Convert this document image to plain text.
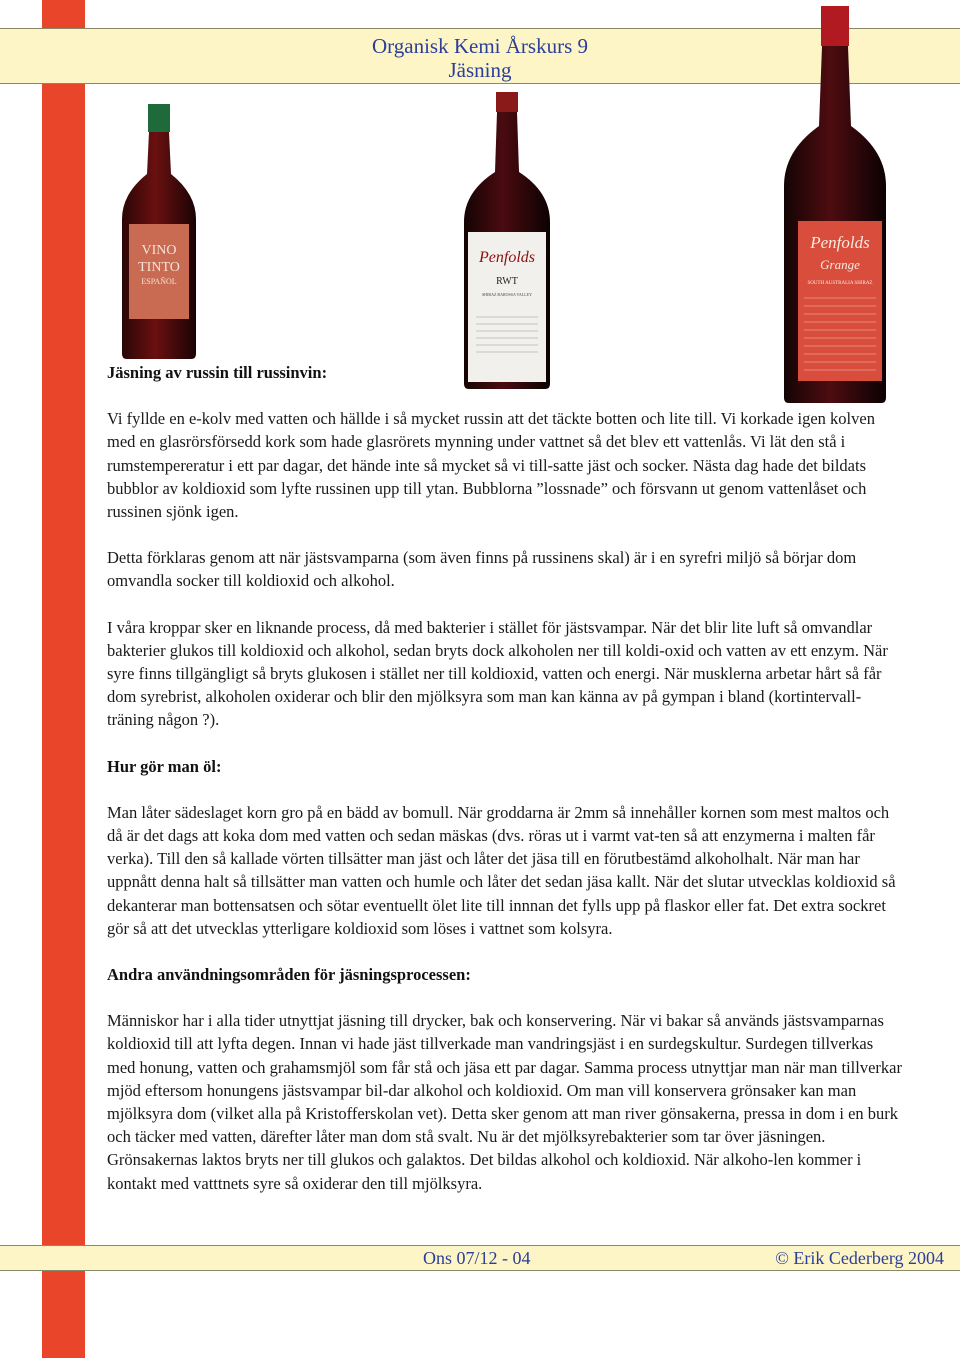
Organisk Kemi Årskurs 9
Jäsning
VINO
TINTO
ESPAÑOL
Penfolds
RWT
SHIRAZ BAROSSA VALLEY
Penfolds
Grange
SOUTH AUSTRALIA SHIRAZ

Jäsning av russin till russinvin:

Vi fyllde en e-kolv med vatten och hällde i så mycket russin att det täckte botten och lite till. Vi korkade igen kolven med en glasrörsförsedd kork som hade glasrörets mynning under vattnet så det blev ett vattenlås. Vi lät den stå i rumstempereratur i ett par dagar, det hände inte så mycket så vi till-satte jäst och socker. Nästa dag hade det bildats bubblor av koldioxid som lyfte russinen upp till ytan. Bubblorna ”lossnade” och försvann ut genom vattenlåset och russinen sjönk igen.

Detta förklaras genom att när jästsvamparna (som även finns på russinens skal) är i en syrefri miljö så börjar dom omvandla socker till koldioxid och alkohol.

I våra kroppar sker en liknande process, då med bakterier i stället för jästsvampar. När det blir lite luft så omvandlar bakterier glukos till koldioxid och alkohol, sedan bryts dock alkoholen ner till koldi-oxid och vatten av ett enzym. När syre finns tillgängligt så bryts glukosen i stället ner till koldioxid, vatten och energi. När musklerna arbetar hårt så får dom syrebrist, alkoholen oxiderar och blir den mjölksyra som man kan känna av på gympan i bland (kortintervall-träning någon ?).

Hur gör man öl:

Man låter sädeslaget korn gro på en bädd av bomull. När groddarna är 2mm så innehåller kornen som mest maltos och då är det dags att koka dom med vatten och sedan mäskas (dvs. röras ut i varmt vat-ten så att enzymerna i malten får verka). Till den så kallade vörten tillsätter man jäst och låter det jäsa till en förutbestämd alkoholhalt. När man har uppnått denna halt så tillsätter man vatten och humle och låter det sedan jäsa kallt. När det slutar utvecklas koldioxid så dekanterar man bottensatsen och sötar eventuellt ölet lite till innnan det fylls upp på flaskor eller fat. Det extra sockret gör så att det utvecklas ytterligare koldioxid som löses i vattnet som kolsyra.

Andra användningsområden för jäsningsprocessen:

Människor har i alla tider utnyttjat jäsning till drycker, bak och konservering. När vi bakar så används jästsvamparnas koldioxid till att lyfta degen. Innan vi hade jäst tillverkade man vandringsjäst i en surdegskultur. Surdegen tillverkas med honung, vatten och grahamsmjöl som får stå och jäsa ett par dagar. Samma process utnyttjar man när man tillverkar mjöd eftersom honungens jästsvampar bil-dar alkohol och koldioxid. Om man vill konservera grönsaker kan man mjölksyra dom (vilket alla på Kristofferskolan vet). Detta sker genom att man river gönsakerna, pressa in dom i en burk och täcker med vatten, därefter låter man dom stå svalt. Nu är det mjölksyrebakterier som tar över jäsningen. Grönsakernas laktos bryts ner till glukos och galaktos. Det bildas alkohol och koldioxid. När alkoho-len kommer i kontakt med vatttnets syre så oxiderar den till mjölksyra.

Ons 07/12 - 04	© Erik Cederberg 2004
